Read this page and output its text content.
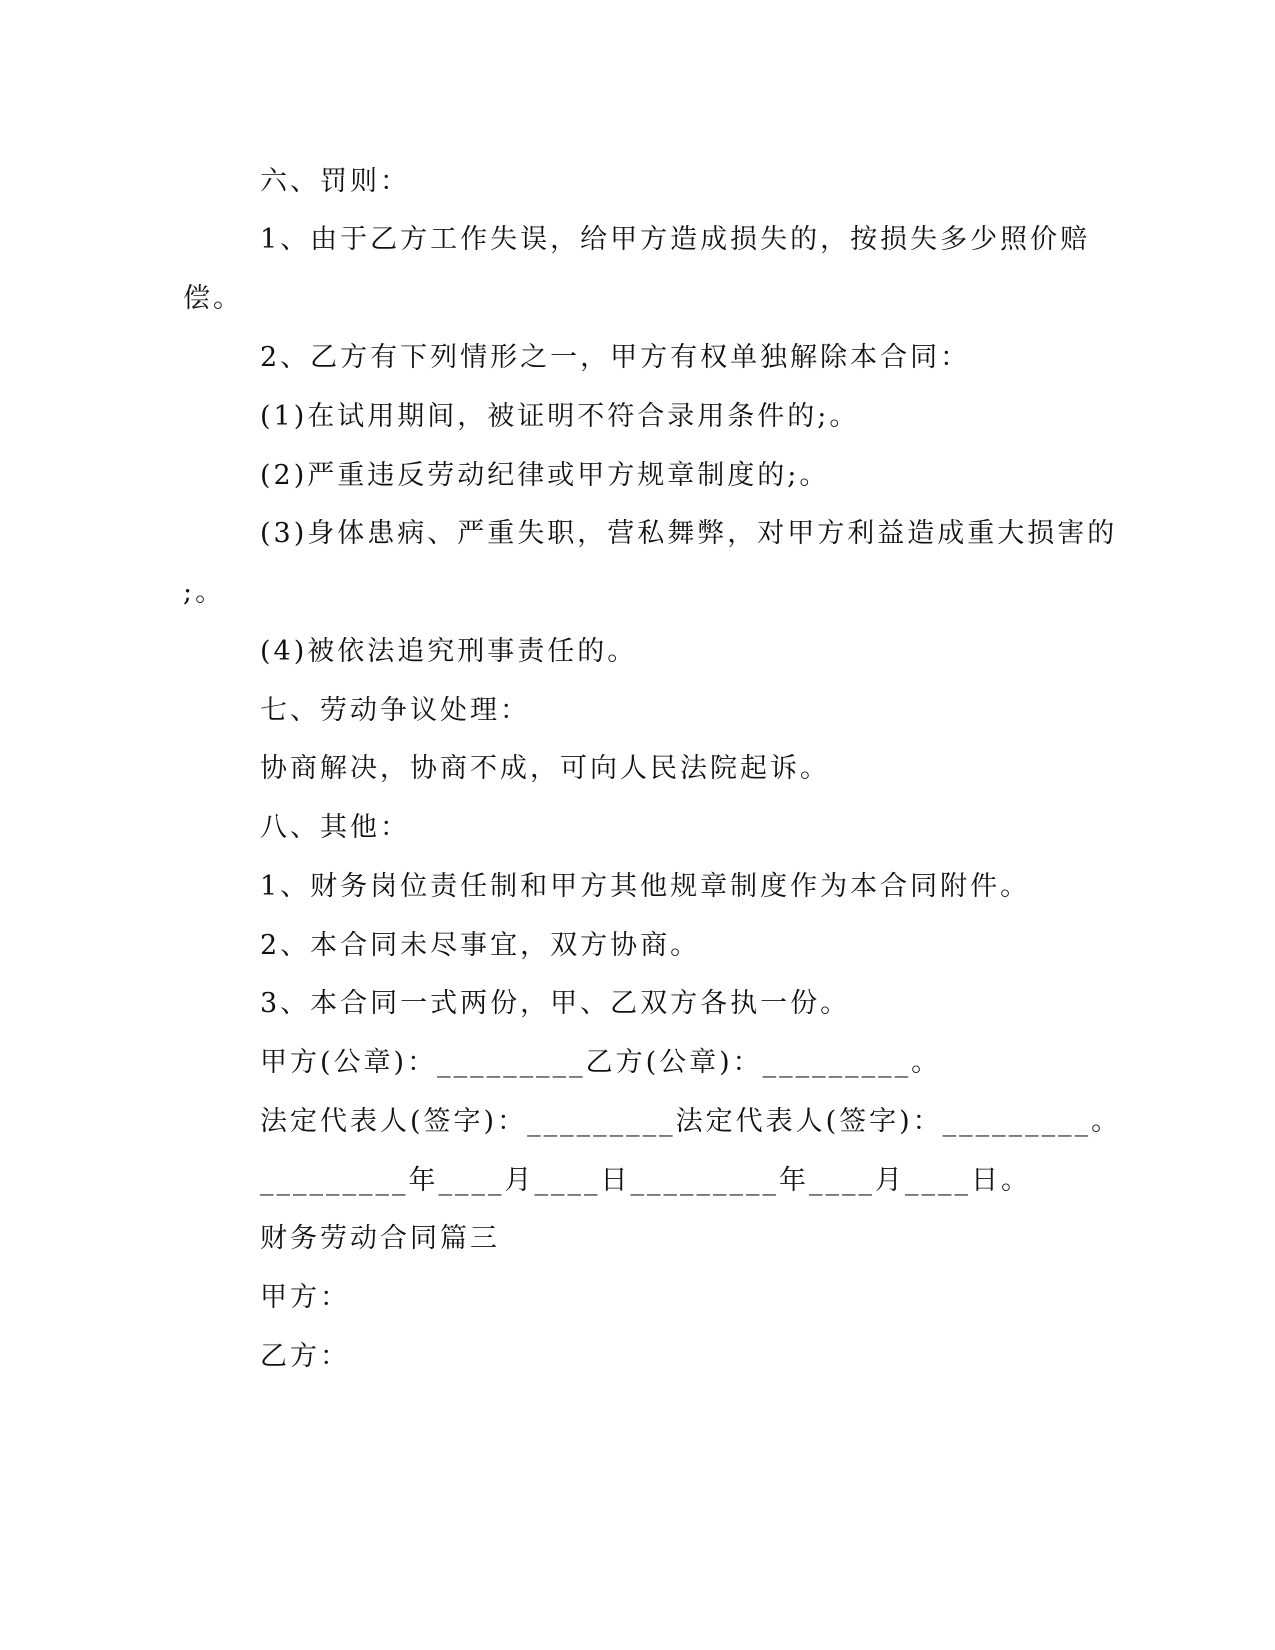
六、罚则：
1、由于乙方工作失误，给甲方造成损失的，按损失多少照价赔
偿。
2、乙方有下列情形之一，甲方有权单独解除本合同：
(1)在试用期间，被证明不符合录用条件的;。
(2)严重违反劳动纪律或甲方规章制度的;。
(3)身体患病、严重失职，营私舞弊，对甲方利益造成重大损害的
;。
(4)被依法追究刑事责任的。
七、劳动争议处理：
协商解决，协商不成，可向人民法院起诉。
八、其他：
1、财务岗位责任制和甲方其他规章制度作为本合同附件。
2、本合同未尽事宜，双方协商。
3、本合同一式两份，甲、乙双方各执一份。
甲方(公章)：_________乙方(公章)：_________。
法定代表人(签字)：_________法定代表人(签字)：_________。
_________年____月____日_________年____月____日。
财务劳动合同篇三
甲方：
乙方：
